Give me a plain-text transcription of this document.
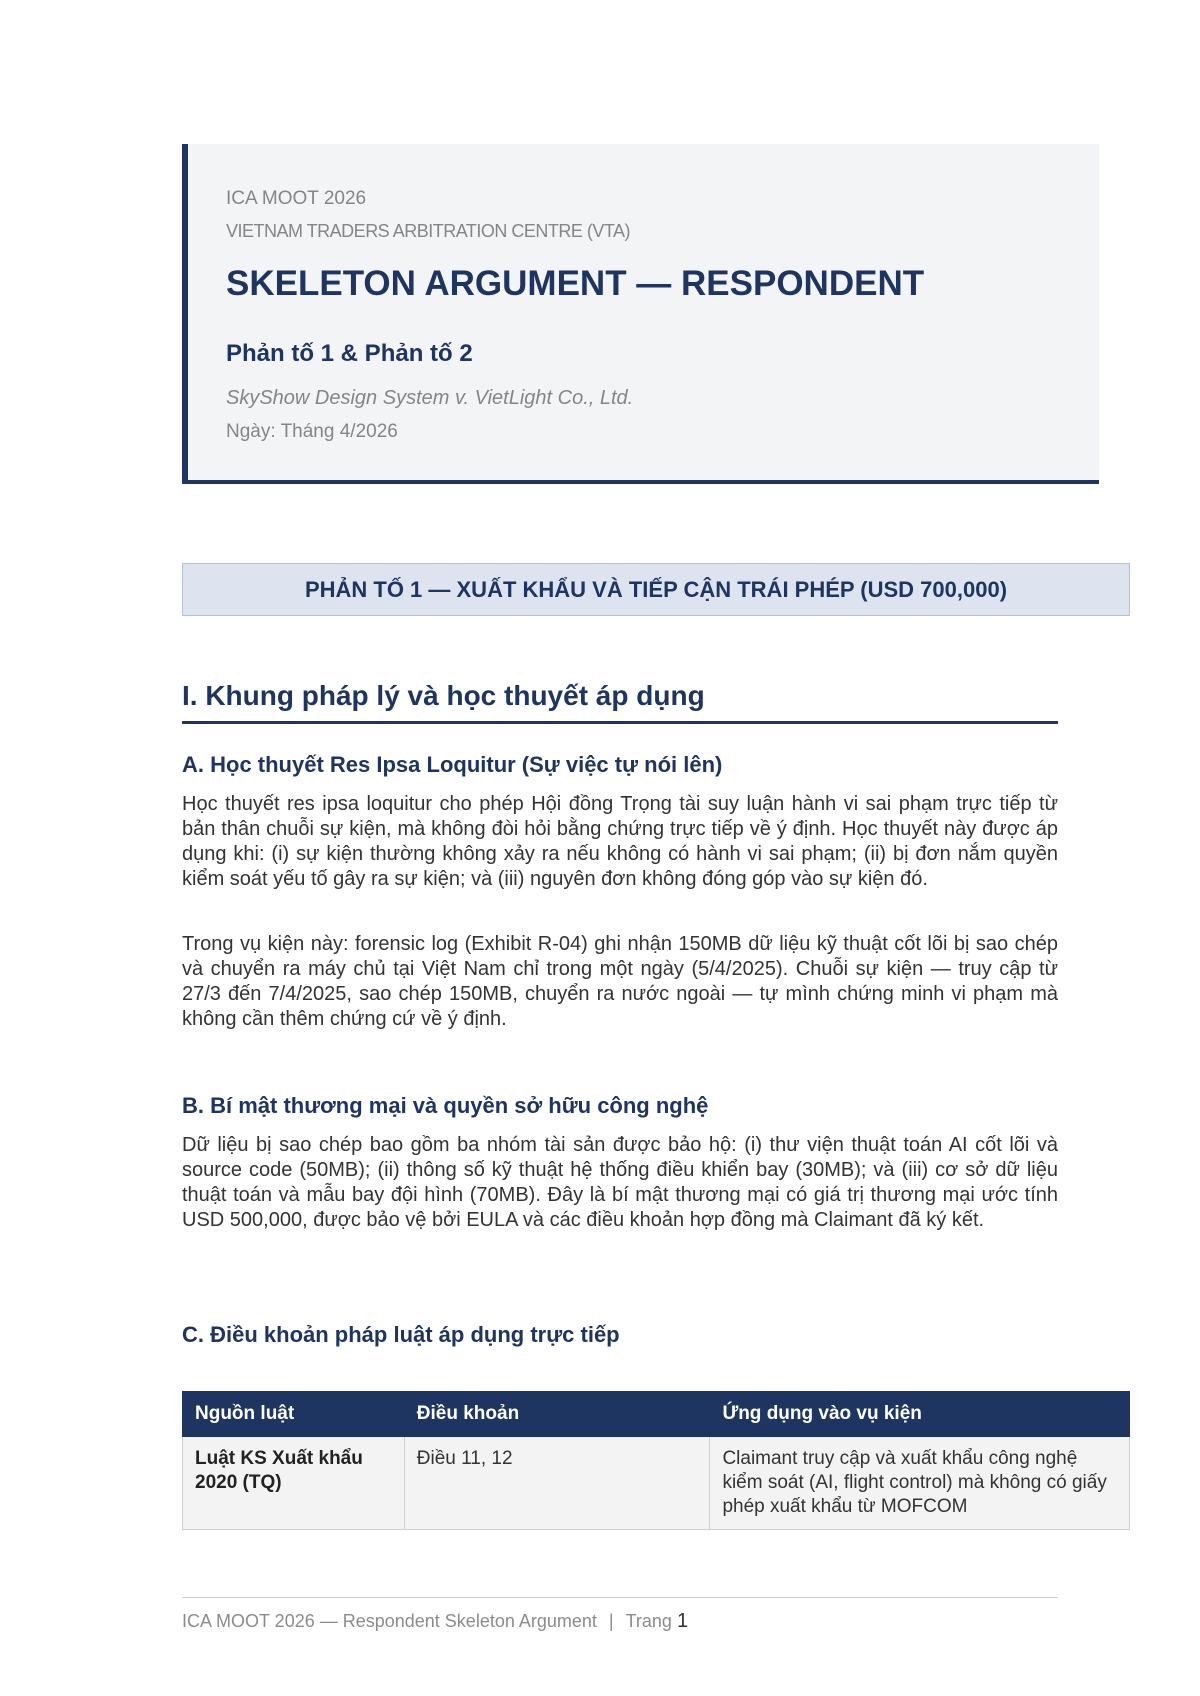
ICA MOOT 2026
VIETNAM TRADERS ARBITRATION CENTRE (VTA)
SKELETON ARGUMENT — RESPONDENT
Phản tố 1 & Phản tố 2
SkyShow Design System v. VietLight Co., Ltd.
Ngày: Tháng 4/2026
PHẢN TỐ 1 — XUẤT KHẨU VÀ TIẾP CẬN TRÁI PHÉP (USD 700,000)
I. Khung pháp lý và học thuyết áp dụng
A. Học thuyết Res Ipsa Loquitur (Sự việc tự nói lên)

Học thuyết res ipsa loquitur cho phép Hội đồng Trọng tài suy luận hành vi sai phạm trực tiếp từ bản thân chuỗi sự kiện, mà không đòi hỏi bằng chứng trực tiếp về ý định. Học thuyết này được áp dụng khi: (i) sự kiện thường không xảy ra nếu không có hành vi sai phạm; (ii) bị đơn nắm quyền kiểm soát yếu tố gây ra sự kiện; và (iii) nguyên đơn không đóng góp vào sự kiện đó.

Trong vụ kiện này: forensic log (Exhibit R-04) ghi nhận 150MB dữ liệu kỹ thuật cốt lõi bị sao chép và chuyển ra máy chủ tại Việt Nam chỉ trong một ngày (5/4/2025). Chuỗi sự kiện — truy cập từ 27/3 đến 7/4/2025, sao chép 150MB, chuyển ra nước ngoài — tự mình chứng minh vi phạm mà không cần thêm chứng cứ về ý định.

B. Bí mật thương mại và quyền sở hữu công nghệ

Dữ liệu bị sao chép bao gồm ba nhóm tài sản được bảo hộ: (i) thư viện thuật toán AI cốt lõi và source code (50MB); (ii) thông số kỹ thuật hệ thống điều khiển bay (30MB); và (iii) cơ sở dữ liệu thuật toán và mẫu bay đội hình (70MB). Đây là bí mật thương mại có giá trị thương mại ước tính USD 500,000, được bảo vệ bởi EULA và các điều khoản hợp đồng mà Claimant đã ký kết.

C. Điều khoản pháp luật áp dụng trực tiếp
Nguồn luật	Điều khoản	Ứng dụng vào vụ kiện
Luật KS Xuất khẩu 2020 (TQ)	Điều 11, 12	Claimant truy cập và xuất khẩu công nghệ kiểm soát (AI, flight control) mà không có giấy phép xuất khẩu từ MOFCOM
ICA MOOT 2026 — Respondent Skeleton Argument | Trang 1
